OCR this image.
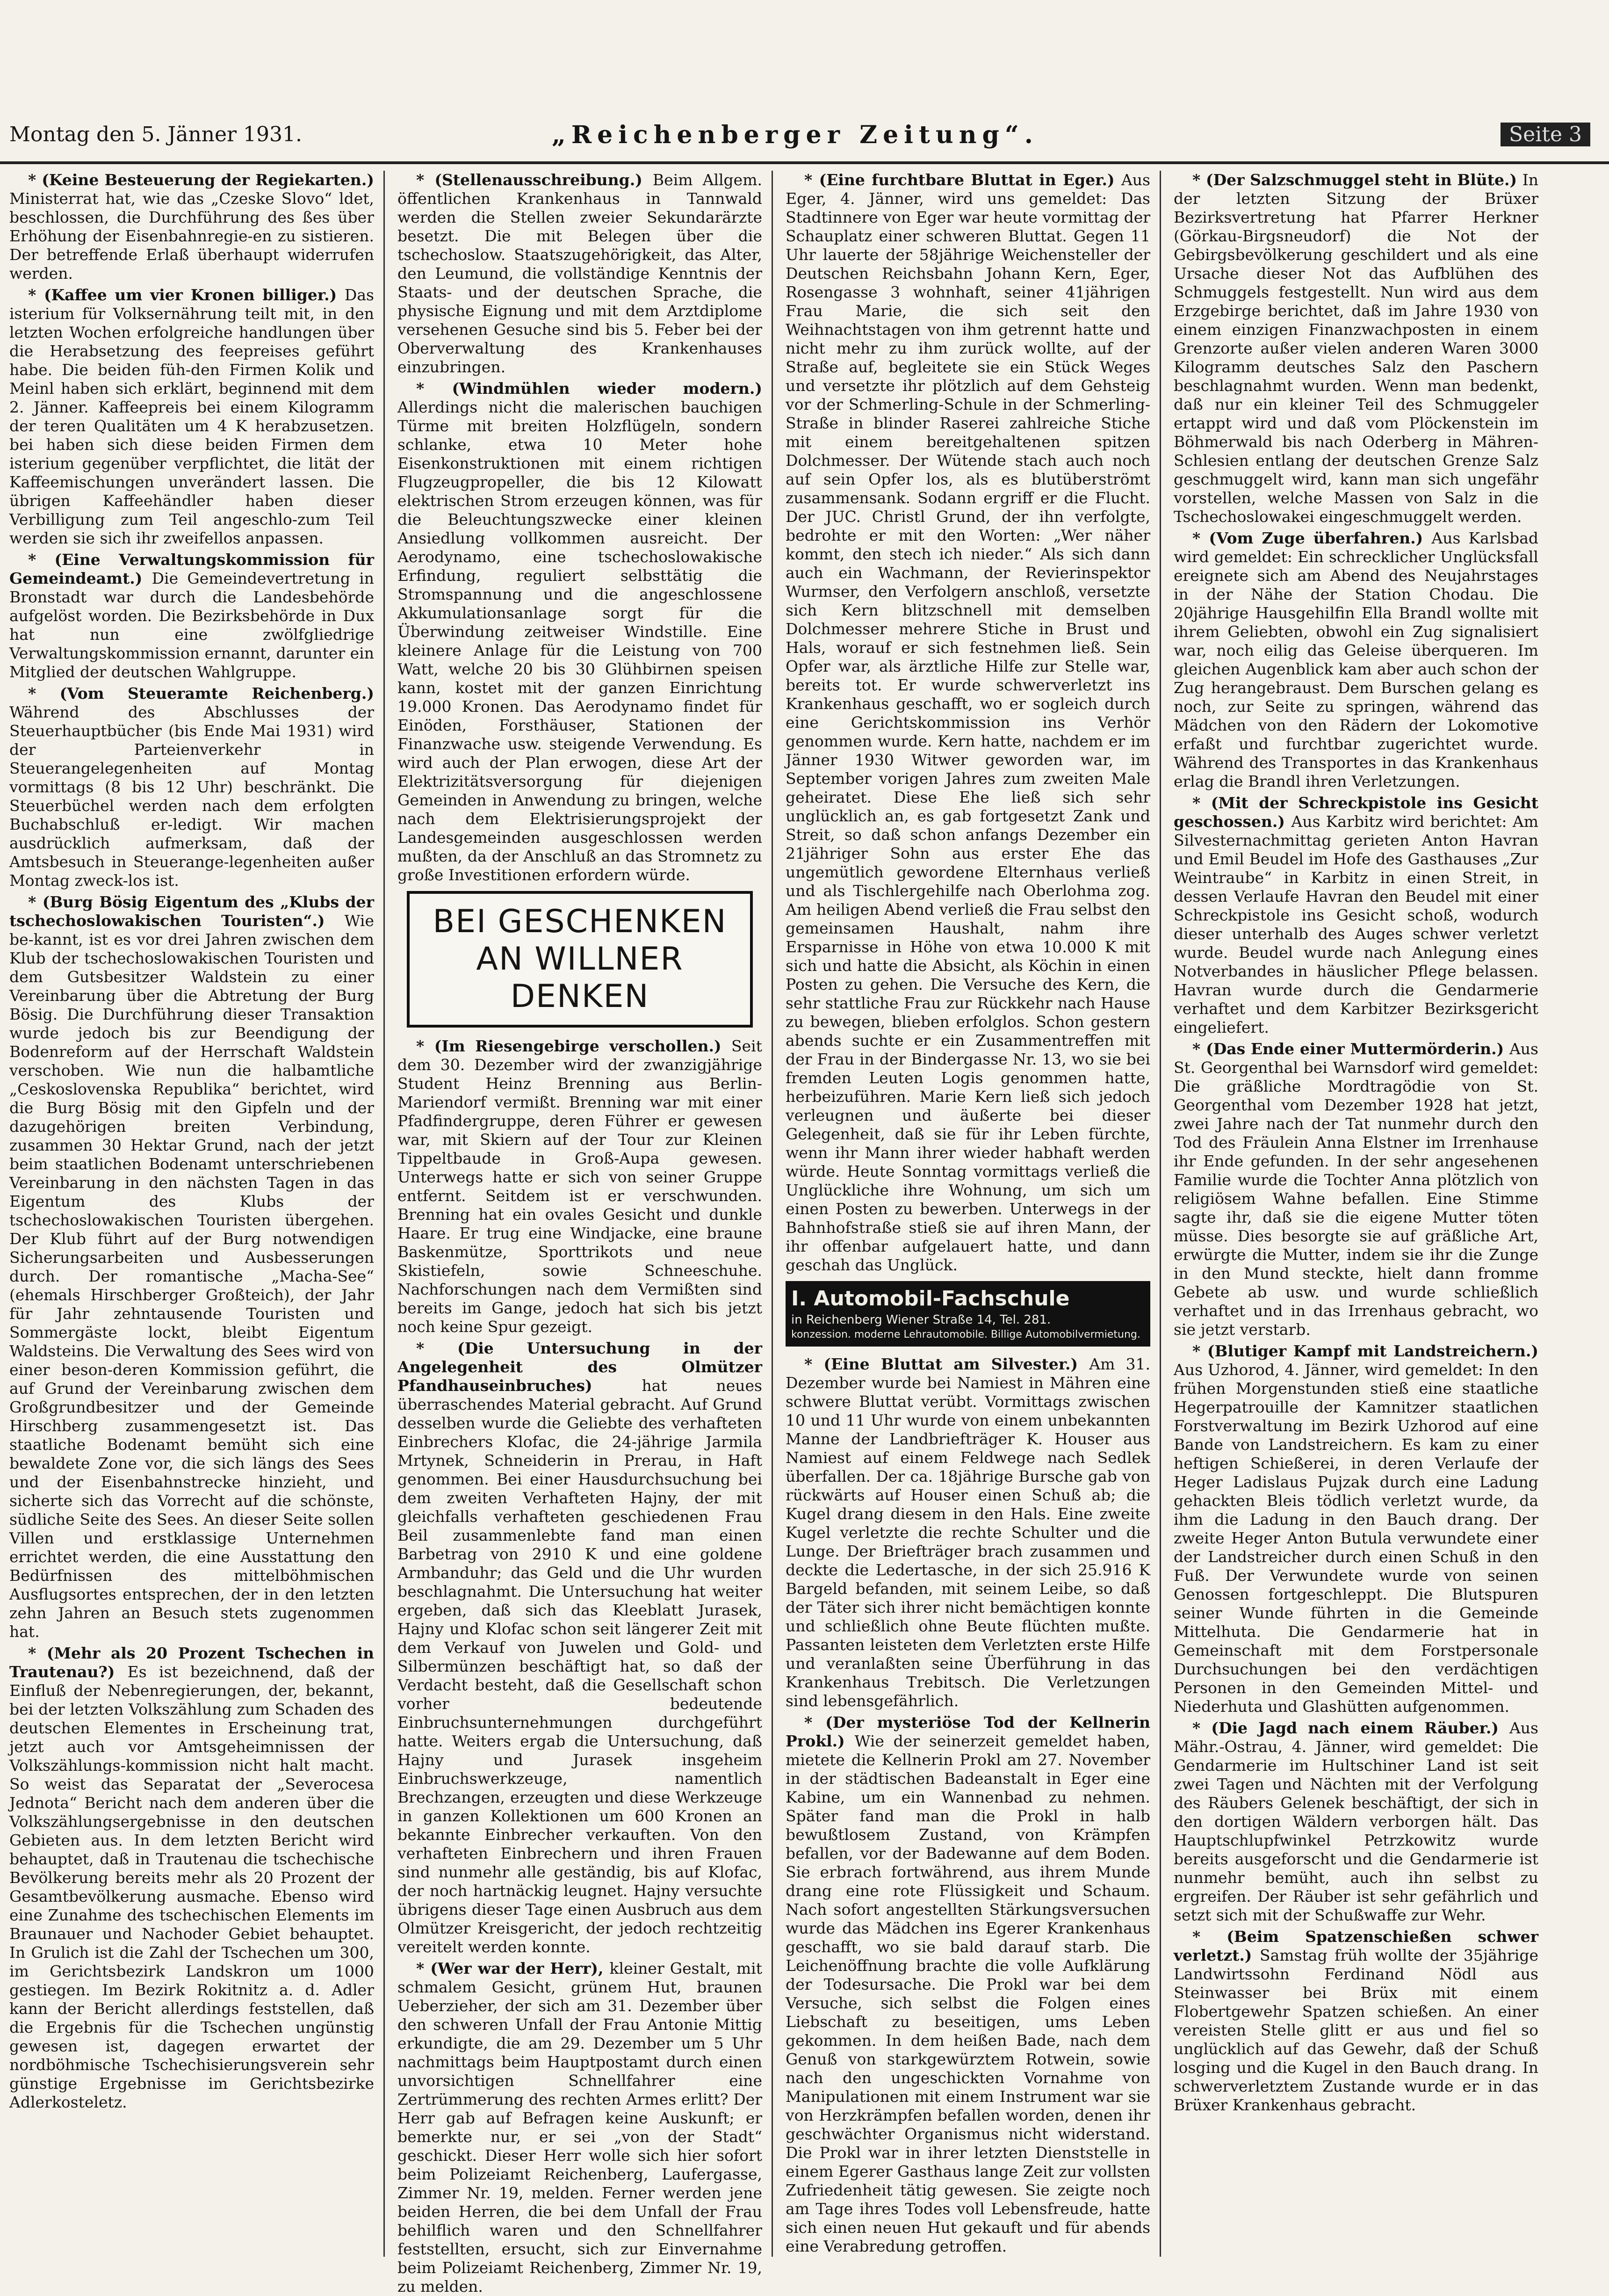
Montag den 5. Jänner 1931.	„Reichenberger Zeitung“.	Seite 3

* (Keine Besteuerung der Regiekarten.) Ministerrat hat, wie das „Czeske Slovo“ ldet, beschlossen, die Durchführung des ßes über Erhöhung der Eisenbahnregie-en zu sistieren. Der betreffende Erlaß überhaupt widerrufen werden.

* (Kaffee um vier Kronen billiger.) Das isterium für Volksernährung teilt mit, in den letzten Wochen erfolgreiche handlungen über die Herabsetzung des feepreises geführt habe. Die beiden füh-den Firmen Kolik und Meinl haben sich erklärt, beginnend mit dem 2. Jänner. Kaffeepreis bei einem Kilogramm der teren Qualitäten um 4 K herabzusetzen. bei haben sich diese beiden Firmen dem isterium gegenüber verpflichtet, die lität der Kaffeemischungen unverändert lassen. Die übrigen Kaffeehändler haben dieser Verbilligung zum Teil angeschlo-zum Teil werden sie sich ihr zweifellos anpassen.

* (Eine Verwaltungskommission für Gemeindeamt.) Die Gemeindevertretung in Bronstadt war durch die Landesbehörde aufgelöst worden. Die Bezirksbehörde in Dux hat nun eine zwölfgliedrige Verwaltungskommission ernannt, darunter ein Mitglied der deutschen Wahlgruppe.

* (Vom Steueramte Reichenberg.) Während des Abschlusses der Steuerhauptbücher (bis Ende Mai 1931) wird der Parteienverkehr in Steuerangelegenheiten auf Montag vormittags (8 bis 12 Uhr) beschränkt. Die Steuerbüchel werden nach dem erfolgten Buchabschluß er-ledigt. Wir machen ausdrücklich aufmerksam, daß der Amtsbesuch in Steuerange-legenheiten außer Montag zweck-los ist.

* (Burg Bösig Eigentum des „Klubs der tschechoslowakischen Touristen“.) Wie be-kannt, ist es vor drei Jahren zwischen dem Klub der tschechoslowakischen Touristen und dem Gutsbesitzer Waldstein zu einer Vereinbarung über die Abtretung der Burg Bösig. Die Durchführung dieser Transaktion wurde jedoch bis zur Beendigung der Bodenreform auf der Herrschaft Waldstein verschoben. Wie nun die halbamtliche „Ceskoslovenska Republika“ berichtet, wird die Burg Bösig mit den Gipfeln und der dazugehörigen breiten Verbindung, zusammen 30 Hektar Grund, nach der jetzt beim staatlichen Bodenamt unterschriebenen Vereinbarung in den nächsten Tagen in das Eigentum des Klubs der tschechoslowakischen Touristen übergehen. Der Klub führt auf der Burg notwendigen Sicherungsarbeiten und Ausbesserungen durch. Der romantische „Macha-See“ (ehemals Hirschberger Großteich), der Jahr für Jahr zehntausende Touristen und Sommergäste lockt, bleibt Eigentum Waldsteins. Die Verwaltung des Sees wird von einer beson-deren Kommission geführt, die auf Grund der Vereinbarung zwischen dem Großgrundbesitzer und der Gemeinde Hirschberg zusammengesetzt ist. Das staatliche Bodenamt bemüht sich eine bewaldete Zone vor, die sich längs des Sees und der Eisenbahnstrecke hinzieht, und sicherte sich das Vorrecht auf die schönste, südliche Seite des Sees. An dieser Seite sollen Villen und erstklassige Unternehmen errichtet werden, die eine Ausstattung den Bedürfnissen des mittelböhmischen Ausflugsortes entsprechen, der in den letzten zehn Jahren an Besuch stets zugenommen hat.

* (Mehr als 20 Prozent Tschechen in Trautenau?) Es ist bezeichnend, daß der Einfluß der Nebenregierungen, der, bekannt, bei der letzten Volkszählung zum Schaden des deutschen Elementes in Erscheinung trat, jetzt auch vor Amtsgeheimnissen der Volkszählungs-kommission nicht halt macht. So weist das Separatat der „Severocesa Jednota“ Bericht nach dem anderen über die Volkszählungsergebnisse in den deutschen Gebieten aus. In dem letzten Bericht wird behauptet, daß in Trautenau die tschechische Bevölkerung bereits mehr als 20 Prozent der Gesamtbevölkerung ausmache. Ebenso wird eine Zunahme des tschechischen Elements im Braunauer und Nachoder Gebiet behauptet. In Grulich ist die Zahl der Tschechen um 300, im Gerichtsbezirk Landskron um 1000 gestiegen. Im Bezirk Rokitnitz a. d. Adler kann der Bericht allerdings feststellen, daß die Ergebnis für die Tschechen ungünstig gewesen ist, dagegen erwartet der nordböhmische Tschechisierungsverein sehr günstige Ergebnisse im Gerichtsbezirke Adlerkosteletz.

* (Stellenausschreibung.) Beim Allgem. öffentlichen Krankenhaus in Tannwald werden die Stellen zweier Sekundarärzte besetzt. Die mit Belegen über die tschechoslow. Staatszugehörigkeit, das Alter, den Leumund, die vollständige Kenntnis der Staats- und der deutschen Sprache, die physische Eignung und mit dem Arztdiplome versehenen Gesuche sind bis 5. Feber bei der Oberverwaltung des Krankenhauses einzubringen.

* (Windmühlen wieder modern.) Allerdings nicht die malerischen bauchigen Türme mit breiten Holzflügeln, sondern schlanke, etwa 10 Meter hohe Eisenkonstruktionen mit einem richtigen Flugzeugpropeller, die bis 12 Kilowatt elektrischen Strom erzeugen können, was für die Beleuchtungszwecke einer kleinen Ansiedlung vollkommen ausreicht. Der Aerodynamo, eine tschechoslowakische Erfindung, reguliert selbsttätig die Stromspannung und die angeschlossene Akkumulationsanlage sorgt für die Überwindung zeitweiser Windstille. Eine kleinere Anlage für die Leistung von 700 Watt, welche 20 bis 30 Glühbirnen speisen kann, kostet mit der ganzen Einrichtung 19.000 Kronen. Das Aerodynamo findet für Einöden, Forsthäuser, Stationen der Finanzwache usw. steigende Verwendung. Es wird auch der Plan erwogen, diese Art der Elektrizitätsversorgung für diejenigen Gemeinden in Anwendung zu bringen, welche nach dem Elektrisierungsprojekt der Landesgemeinden ausgeschlossen werden mußten, da der Anschluß an das Stromnetz zu große Investitionen erfordern würde.

BEI GESCHENKEN
AN WILLNER DENKEN

* (Im Riesengebirge verschollen.) Seit dem 30. Dezember wird der zwanzigjährige Student Heinz Brenning aus Berlin-Mariendorf vermißt. Brenning war mit einer Pfadfindergruppe, deren Führer er gewesen war, mit Skiern auf der Tour zur Kleinen Tippeltbaude in Groß-Aupa gewesen. Unterwegs hatte er sich von seiner Gruppe entfernt. Seitdem ist er verschwunden. Brenning hat ein ovales Gesicht und dunkle Haare. Er trug eine Windjacke, eine braune Baskenmütze, Sporttrikots und neue Skistiefeln, sowie Schneeschuhe. Nachforschungen nach dem Vermißten sind bereits im Gange, jedoch hat sich bis jetzt noch keine Spur gezeigt.

* (Die Untersuchung in der Angelegenheit des Olmützer Pfandhauseinbruches) hat neues überraschendes Material gebracht. Auf Grund desselben wurde die Geliebte des verhafteten Einbrechers Klofac, die 24-jährige Jarmila Mrtynek, Schneiderin in Prerau, in Haft genommen. Bei einer Hausdurchsuchung bei dem zweiten Verhafteten Hajny, der mit gleichfalls verhafteten geschiedenen Frau Beil zusammenlebte fand man einen Barbetrag von 2910 K und eine goldene Armbanduhr; das Geld und die Uhr wurden beschlagnahmt. Die Untersuchung hat weiter ergeben, daß sich das Kleeblatt Jurasek, Hajny und Klofac schon seit längerer Zeit mit dem Verkauf von Juwelen und Gold- und Silbermünzen beschäftigt hat, so daß der Verdacht besteht, daß die Gesellschaft schon vorher bedeutende Einbruchsunternehmungen durchgeführt hatte. Weiters ergab die Untersuchung, daß Hajny und Jurasek insgeheim Einbruchswerkzeuge, namentlich Brechzangen, erzeugten und diese Werkzeuge in ganzen Kollektionen um 600 Kronen an bekannte Einbrecher verkauften. Von den verhafteten Einbrechern und ihren Frauen sind nunmehr alle geständig, bis auf Klofac, der noch hartnäckig leugnet. Hajny versuchte übrigens dieser Tage einen Ausbruch aus dem Olmützer Kreisgericht, der jedoch rechtzeitig vereitelt werden konnte.

* (Wer war der Herr), kleiner Gestalt, mit schmalem Gesicht, grünem Hut, braunen Ueberzieher, der sich am 31. Dezember über den schweren Unfall der Frau Antonie Mittig erkundigte, die am 29. Dezember um 5 Uhr nachmittags beim Hauptpostamt durch einen unvorsichtigen Schnellfahrer eine Zertrümmerung des rechten Armes erlitt? Der Herr gab auf Befragen keine Auskunft; er bemerkte nur, er sei „von der Stadt“ geschickt. Dieser Herr wolle sich hier sofort beim Polizeiamt Reichenberg, Laufergasse, Zimmer Nr. 19, melden. Ferner werden jene beiden Herren, die bei dem Unfall der Frau behilflich waren und den Schnellfahrer feststellten, ersucht, sich zur Einvernahme beim Polizeiamt Reichenberg, Zimmer Nr. 19, zu melden.

* (Eine furchtbare Bluttat in Eger.) Aus Eger, 4. Jänner, wird uns gemeldet: Das Stadtinnere von Eger war heute vormittag der Schauplatz einer schweren Bluttat. Gegen 11 Uhr lauerte der 58jährige Weichensteller der Deutschen Reichsbahn Johann Kern, Eger, Rosengasse 3 wohnhaft, seiner 41jährigen Frau Marie, die sich seit den Weihnachtstagen von ihm getrennt hatte und nicht mehr zu ihm zurück wollte, auf der Straße auf, begleitete sie ein Stück Weges und versetzte ihr plötzlich auf dem Gehsteig vor der Schmerling-Schule in der Schmerling-Straße in blinder Raserei zahlreiche Stiche mit einem bereitgehaltenen spitzen Dolchmesser. Der Wütende stach auch noch auf sein Opfer los, als es blutüberströmt zusammensank. Sodann ergriff er die Flucht. Der JUC. Christl Grund, der ihn verfolgte, bedrohte er mit den Worten: „Wer näher kommt, den stech ich nieder.“ Als sich dann auch ein Wachmann, der Revierinspektor Wurmser, den Verfolgern anschloß, versetzte sich Kern blitzschnell mit demselben Dolchmesser mehrere Stiche in Brust und Hals, worauf er sich festnehmen ließ. Sein Opfer war, als ärztliche Hilfe zur Stelle war, bereits tot. Er wurde schwerverletzt ins Krankenhaus geschafft, wo er sogleich durch eine Gerichtskommission ins Verhör genommen wurde. Kern hatte, nachdem er im Jänner 1930 Witwer geworden war, im September vorigen Jahres zum zweiten Male geheiratet. Diese Ehe ließ sich sehr unglücklich an, es gab fortgesetzt Zank und Streit, so daß schon anfangs Dezember ein 21jähriger Sohn aus erster Ehe das ungemütlich gewordene Elternhaus verließ und als Tischlergehilfe nach Oberlohma zog. Am heiligen Abend verließ die Frau selbst den gemeinsamen Haushalt, nahm ihre Ersparnisse in Höhe von etwa 10.000 K mit sich und hatte die Absicht, als Köchin in einen Posten zu gehen. Die Versuche des Kern, die sehr stattliche Frau zur Rückkehr nach Hause zu bewegen, blieben erfolglos. Schon gestern abends suchte er ein Zusammentreffen mit der Frau in der Bindergasse Nr. 13, wo sie bei fremden Leuten Logis genommen hatte, herbeizuführen. Marie Kern ließ sich jedoch verleugnen und äußerte bei dieser Gelegenheit, daß sie für ihr Leben fürchte, wenn ihr Mann ihrer wieder habhaft werden würde. Heute Sonntag vormittags verließ die Unglückliche ihre Wohnung, um sich um einen Posten zu bewerben. Unterwegs in der Bahnhofstraße stieß sie auf ihren Mann, der ihr offenbar aufgelauert hatte, und dann geschah das Unglück.

I. Automobil-Fachschule
in Reichenberg Wiener Straße 14, Tel. 281.
konzession. moderne Lehrautomobile. Billige Automobilvermietung.

* (Eine Bluttat am Silvester.) Am 31. Dezember wurde bei Namiest in Mähren eine schwere Bluttat verübt. Vormittags zwischen 10 und 11 Uhr wurde von einem unbekannten Manne der Landbriefträger K. Houser aus Namiest auf einem Feldwege nach Sedlek überfallen. Der ca. 18jährige Bursche gab von rückwärts auf Houser einen Schuß ab; die Kugel drang diesem in den Hals. Eine zweite Kugel verletzte die rechte Schulter und die Lunge. Der Briefträger brach zusammen und deckte die Ledertasche, in der sich 25.916 K Bargeld befanden, mit seinem Leibe, so daß der Täter sich ihrer nicht bemächtigen konnte und schließlich ohne Beute flüchten mußte. Passanten leisteten dem Verletzten erste Hilfe und veranlaßten seine Überführung in das Krankenhaus Trebitsch. Die Verletzungen sind lebensgefährlich.

* (Der mysteriöse Tod der Kellnerin Prokl.) Wie der seinerzeit gemeldet haben, mietete die Kellnerin Prokl am 27. November in der städtischen Badeanstalt in Eger eine Kabine, um ein Wannenbad zu nehmen. Später fand man die Prokl in halb bewußtlosem Zustand, von Krämpfen befallen, vor der Badewanne auf dem Boden. Sie erbrach fortwährend, aus ihrem Munde drang eine rote Flüssigkeit und Schaum. Nach sofort angestellten Stärkungsversuchen wurde das Mädchen ins Egerer Krankenhaus geschafft, wo sie bald darauf starb. Die Leichenöffnung brachte die volle Aufklärung der Todesursache. Die Prokl war bei dem Versuche, sich selbst die Folgen eines Liebschaft zu beseitigen, ums Leben gekommen. In dem heißen Bade, nach dem Genuß von starkgewürztem Rotwein, sowie nach den ungeschickten Vornahme von Manipulationen mit einem Instrument war sie von Herzkrämpfen befallen worden, denen ihr geschwächter Organismus nicht widerstand. Die Prokl war in ihrer letzten Dienststelle in einem Egerer Gasthaus lange Zeit zur vollsten Zufriedenheit tätig gewesen. Sie zeigte noch am Tage ihres Todes voll Lebensfreude, hatte sich einen neuen Hut gekauft und für abends eine Verabredung getroffen.

* (Der Salzschmuggel steht in Blüte.) In der letzten Sitzung der Brüxer Bezirksvertretung hat Pfarrer Herkner (Görkau-Birgsneudorf) die Not der Gebirgsbevölkerung geschildert und als eine Ursache dieser Not das Aufblühen des Schmuggels festgestellt. Nun wird aus dem Erzgebirge berichtet, daß im Jahre 1930 von einem einzigen Finanzwachposten in einem Grenzorte außer vielen anderen Waren 3000 Kilogramm deutsches Salz den Paschern beschlagnahmt wurden. Wenn man bedenkt, daß nur ein kleiner Teil des Schmuggeler ertappt wird und daß vom Plöckenstein im Böhmerwald bis nach Oderberg in Mähren-Schlesien entlang der deutschen Grenze Salz geschmuggelt wird, kann man sich ungefähr vorstellen, welche Massen von Salz in die Tschechoslowakei eingeschmuggelt werden.

* (Vom Zuge überfahren.) Aus Karlsbad wird gemeldet: Ein schrecklicher Unglücksfall ereignete sich am Abend des Neujahrstages in der Nähe der Station Chodau. Die 20jährige Hausgehilfin Ella Brandl wollte mit ihrem Geliebten, obwohl ein Zug signalisiert war, noch eilig das Geleise überqueren. Im gleichen Augenblick kam aber auch schon der Zug herangebraust. Dem Burschen gelang es noch, zur Seite zu springen, während das Mädchen von den Rädern der Lokomotive erfaßt und furchtbar zugerichtet wurde. Während des Transportes in das Krankenhaus erlag die Brandl ihren Verletzungen.

* (Mit der Schreckpistole ins Gesicht geschossen.) Aus Karbitz wird berichtet: Am Silvesternachmittag gerieten Anton Havran und Emil Beudel im Hofe des Gasthauses „Zur Weintraube“ in Karbitz in einen Streit, in dessen Verlaufe Havran den Beudel mit einer Schreckpistole ins Gesicht schoß, wodurch dieser unterhalb des Auges schwer verletzt wurde. Beudel wurde nach Anlegung eines Notverbandes in häuslicher Pflege belassen. Havran wurde durch die Gendarmerie verhaftet und dem Karbitzer Bezirksgericht eingeliefert.

* (Das Ende einer Muttermörderin.) Aus St. Georgenthal bei Warnsdorf wird gemeldet: Die gräßliche Mordtragödie von St. Georgenthal vom Dezember 1928 hat jetzt, zwei Jahre nach der Tat nunmehr durch den Tod des Fräulein Anna Elstner im Irrenhause ihr Ende gefunden. In der sehr angesehenen Familie wurde die Tochter Anna plötzlich von religiösem Wahne befallen. Eine Stimme sagte ihr, daß sie die eigene Mutter töten müsse. Dies besorgte sie auf gräßliche Art, erwürgte die Mutter, indem sie ihr die Zunge in den Mund steckte, hielt dann fromme Gebete ab usw. und wurde schließlich verhaftet und in das Irrenhaus gebracht, wo sie jetzt verstarb.

* (Blutiger Kampf mit Landstreichern.) Aus Uzhorod, 4. Jänner, wird gemeldet: In den frühen Morgenstunden stieß eine staatliche Hegerpatrouille der Kamnitzer staatlichen Forstverwaltung im Bezirk Uzhorod auf eine Bande von Landstreichern. Es kam zu einer heftigen Schießerei, in deren Verlaufe der Heger Ladislaus Pujzak durch eine Ladung gehackten Bleis tödlich verletzt wurde, da ihm die Ladung in den Bauch drang. Der zweite Heger Anton Butula verwundete einer der Landstreicher durch einen Schuß in den Fuß. Der Verwundete wurde von seinen Genossen fortgeschleppt. Die Blutspuren seiner Wunde führten in die Gemeinde Mittelhuta. Die Gendarmerie hat in Gemeinschaft mit dem Forstpersonale Durchsuchungen bei den verdächtigen Personen in den Gemeinden Mittel- und Niederhuta und Glashütten aufgenommen.

* (Die Jagd nach einem Räuber.) Aus Mähr.-Ostrau, 4. Jänner, wird gemeldet: Die Gendarmerie im Hultschiner Land ist seit zwei Tagen und Nächten mit der Verfolgung des Räubers Gelenek beschäftigt, der sich in den dortigen Wäldern verborgen hält. Das Hauptschlupfwinkel Petrzkowitz wurde bereits ausgeforscht und die Gendarmerie ist nunmehr bemüht, auch ihn selbst zu ergreifen. Der Räuber ist sehr gefährlich und setzt sich mit der Schußwaffe zur Wehr.

* (Beim Spatzenschießen schwer verletzt.) Samstag früh wollte der 35jährige Landwirtssohn Ferdinand Nödl aus Steinwasser bei Brüx mit einem Flobertgewehr Spatzen schießen. An einer vereisten Stelle glitt er aus und fiel so unglücklich auf das Gewehr, daß der Schuß losging und die Kugel in den Bauch drang. In schwerverletztem Zustande wurde er in das Brüxer Krankenhaus gebracht.
